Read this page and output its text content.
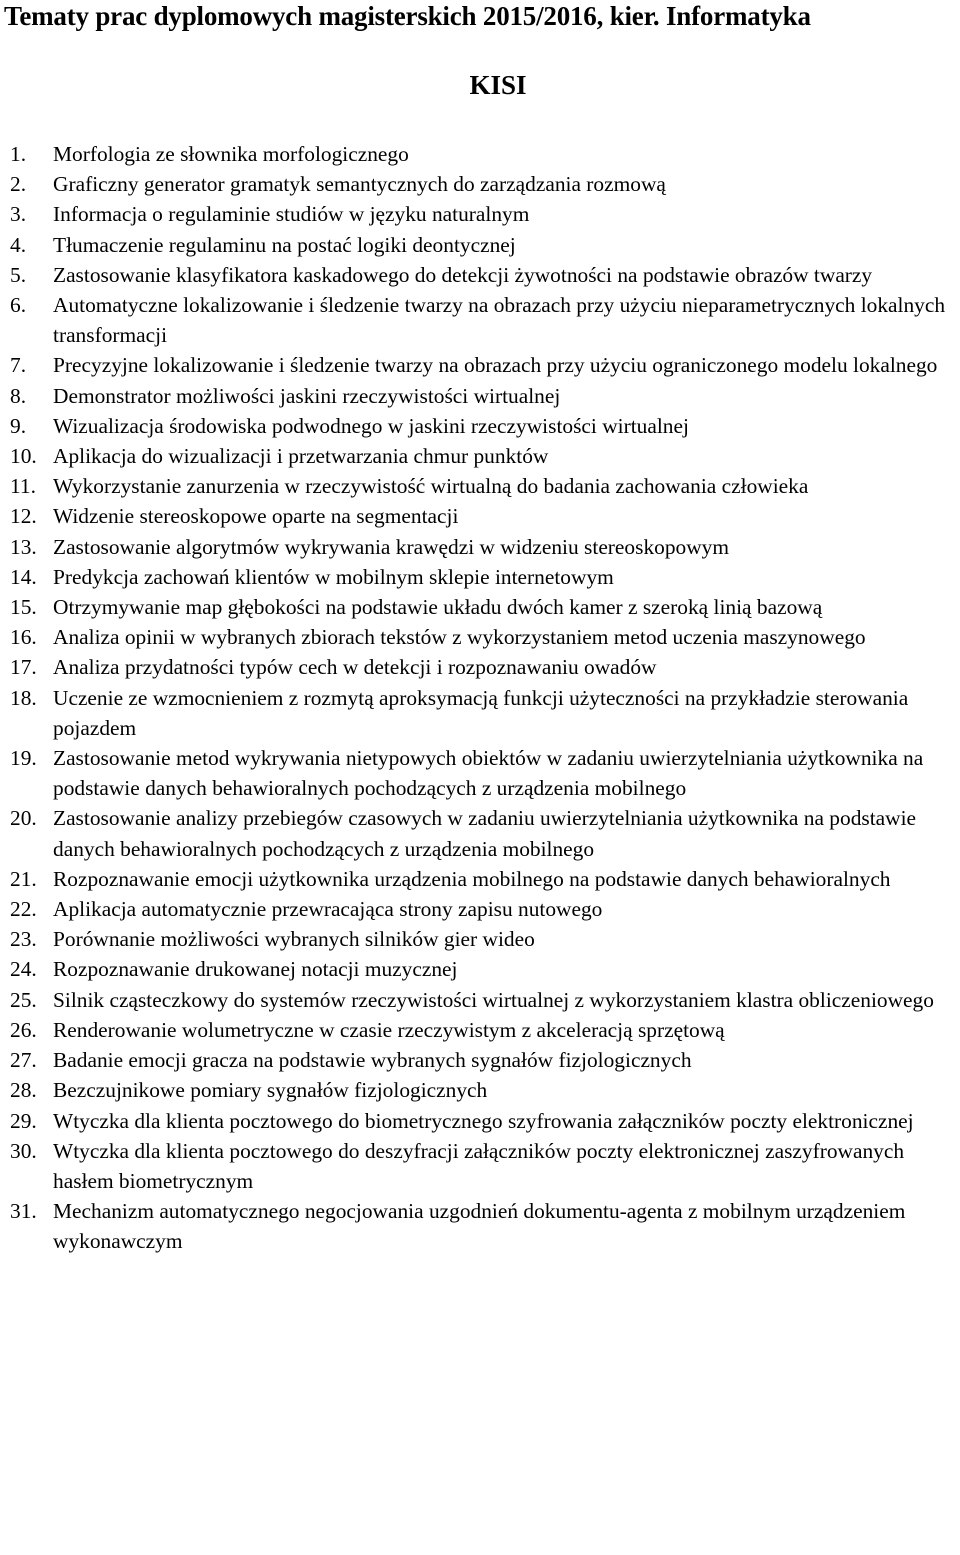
Tematy prac dyplomowych magisterskich 2015/2016, kier. Informatyka
KISI
1. Morfologia ze słownika morfologicznego
2. Graficzny generator gramatyk semantycznych do zarządzania rozmową
3. Informacja o regulaminie studiów w języku naturalnym
4. Tłumaczenie regulaminu na postać logiki deontycznej
5. Zastosowanie klasyfikatora kaskadowego do detekcji żywotności na podstawie obrazów twarzy
6. Automatyczne lokalizowanie i śledzenie twarzy na obrazach przy użyciu nieparametrycznych lokalnych transformacji
7. Precyzyjne lokalizowanie i śledzenie twarzy na obrazach przy użyciu ograniczonego modelu lokalnego
8. Demonstrator możliwości jaskini rzeczywistości wirtualnej
9. Wizualizacja środowiska podwodnego w jaskini rzeczywistości wirtualnej
10. Aplikacja do wizualizacji i przetwarzania chmur punktów
11. Wykorzystanie zanurzenia w rzeczywistość wirtualną do badania zachowania człowieka
12. Widzenie stereoskopowe oparte na segmentacji
13. Zastosowanie algorytmów wykrywania krawędzi w widzeniu stereoskopowym
14. Predykcja zachowań klientów w mobilnym sklepie internetowym
15. Otrzymywanie map głębokości na podstawie układu dwóch kamer z szeroką linią bazową
16. Analiza opinii w wybranych zbiorach tekstów z wykorzystaniem metod uczenia maszynowego
17. Analiza przydatności typów cech w detekcji i rozpoznawaniu owadów
18. Uczenie ze wzmocnieniem z rozmytą aproksymacją funkcji użyteczności na przykładzie sterowania pojazdem
19. Zastosowanie metod wykrywania nietypowych obiektów w zadaniu uwierzytelniania użytkownika na podstawie danych behawioralnych pochodzących z urządzenia mobilnego
20. Zastosowanie analizy przebiegów czasowych w zadaniu uwierzytelniania użytkownika na podstawie danych behawioralnych pochodzących z urządzenia mobilnego
21. Rozpoznawanie emocji użytkownika urządzenia mobilnego na podstawie danych behawioralnych
22. Aplikacja automatycznie przewracająca strony zapisu nutowego
23. Porównanie możliwości wybranych silników gier wideo
24. Rozpoznawanie drukowanej notacji muzycznej
25. Silnik cząsteczkowy do systemów rzeczywistości wirtualnej z wykorzystaniem klastra obliczeniowego
26. Renderowanie wolumetryczne w czasie rzeczywistym z akceleracją sprzętową
27. Badanie emocji gracza na podstawie wybranych sygnałów fizjologicznych
28. Bezczujnikowe pomiary sygnałów fizjologicznych
29. Wtyczka dla klienta pocztowego do biometrycznego szyfrowania załączników poczty elektronicznej
30. Wtyczka dla klienta pocztowego do deszyfracji załączników poczty elektronicznej zaszyfrowanych hasłem biometrycznym
31. Mechanizm automatycznego negocjowania uzgodnień dokumentu-agenta z mobilnym urządzeniem wykonawczym
